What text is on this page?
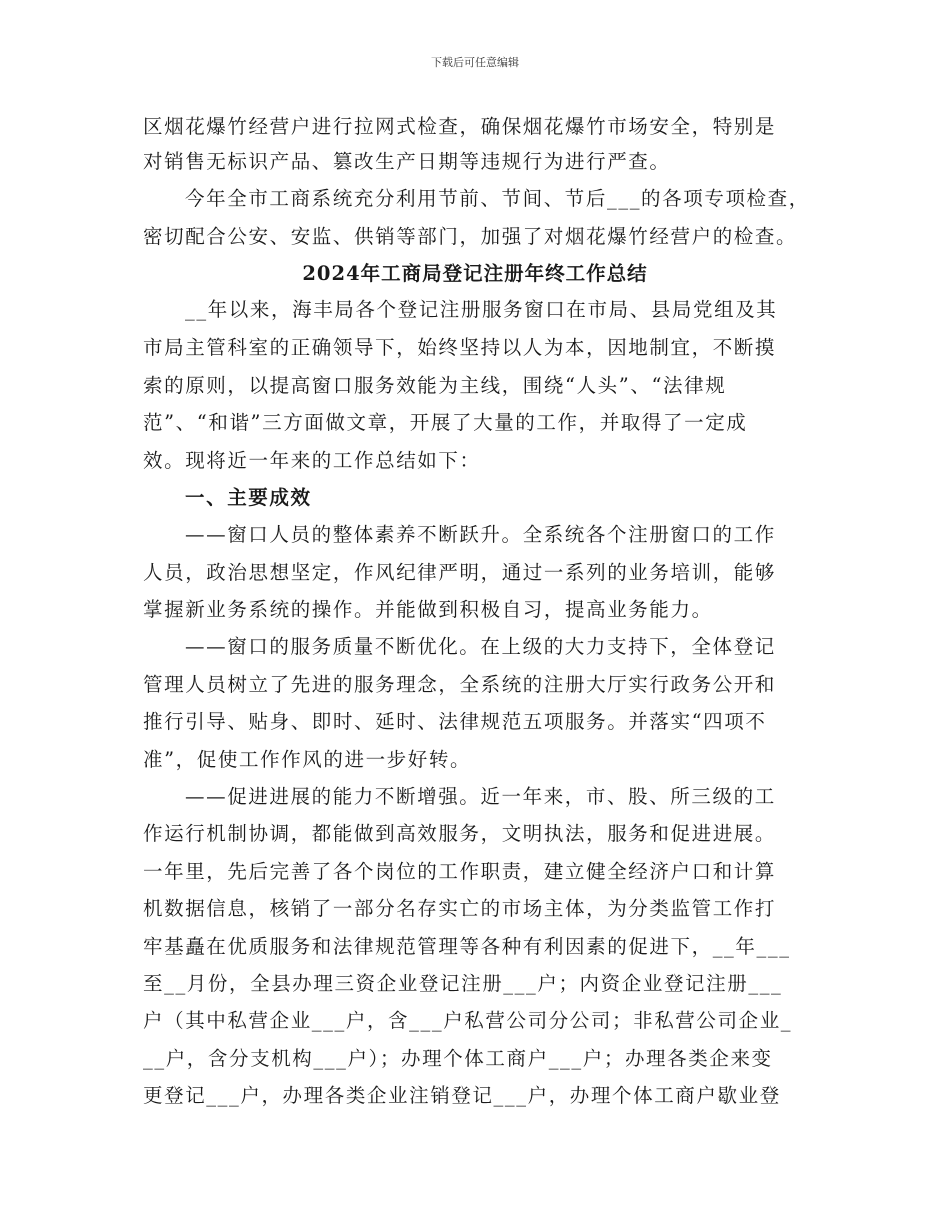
下载后可任意编辑
区烟花爆竹经营户进行拉网式检查，确保烟花爆竹市场安全，特别是
对销售无标识产品、篡改生产日期等违规行为进行严查。
今年全市工商系统充分利用节前、节间、节后___的各项专项检查，
密切配合公安、安监、供销等部门，加强了对烟花爆竹经营户的检查。
2024年工商局登记注册年终工作总结
__年以来，海丰局各个登记注册服务窗口在市局、县局党组及其
市局主管科室的正确领导下，始终坚持以人为本，因地制宜，不断摸
索的原则，以提高窗口服务效能为主线，围绕“人头”、“法律规
范”、“和谐”三方面做文章，开展了大量的工作，并取得了一定成
效。现将近一年来的工作总结如下：
一、主要成效
——窗口人员的整体素养不断跃升。全系统各个注册窗口的工作
人员，政治思想坚定，作风纪律严明，通过一系列的业务培训，能够
掌握新业务系统的操作。并能做到积极自习，提高业务能力。
——窗口的服务质量不断优化。在上级的大力支持下，全体登记
管理人员树立了先进的服务理念，全系统的注册大厅实行政务公开和
推行引导、贴身、即时、延时、法律规范五项服务。并落实“四项不
准”，促使工作作风的进一步好转。
——促进进展的能力不断增强。近一年来，市、股、所三级的工
作运行机制协调，都能做到高效服务，文明执法，服务和促进进展。
一年里，先后完善了各个岗位的工作职责，建立健全经济户口和计算
机数据信息，核销了一部分名存实亡的市场主体，为分类监管工作打
牢基矗在优质服务和法律规范管理等各种有利因素的促进下，__年___
至__月份，全县办理三资企业登记注册___户；内资企业登记注册___
户（其中私营企业___户，含___户私营公司分公司；非私营公司企业_
__户，含分支机构___户）；办理个体工商户___户；办理各类企来变
更登记___户，办理各类企业注销登记___户，办理个体工商户歇业登
